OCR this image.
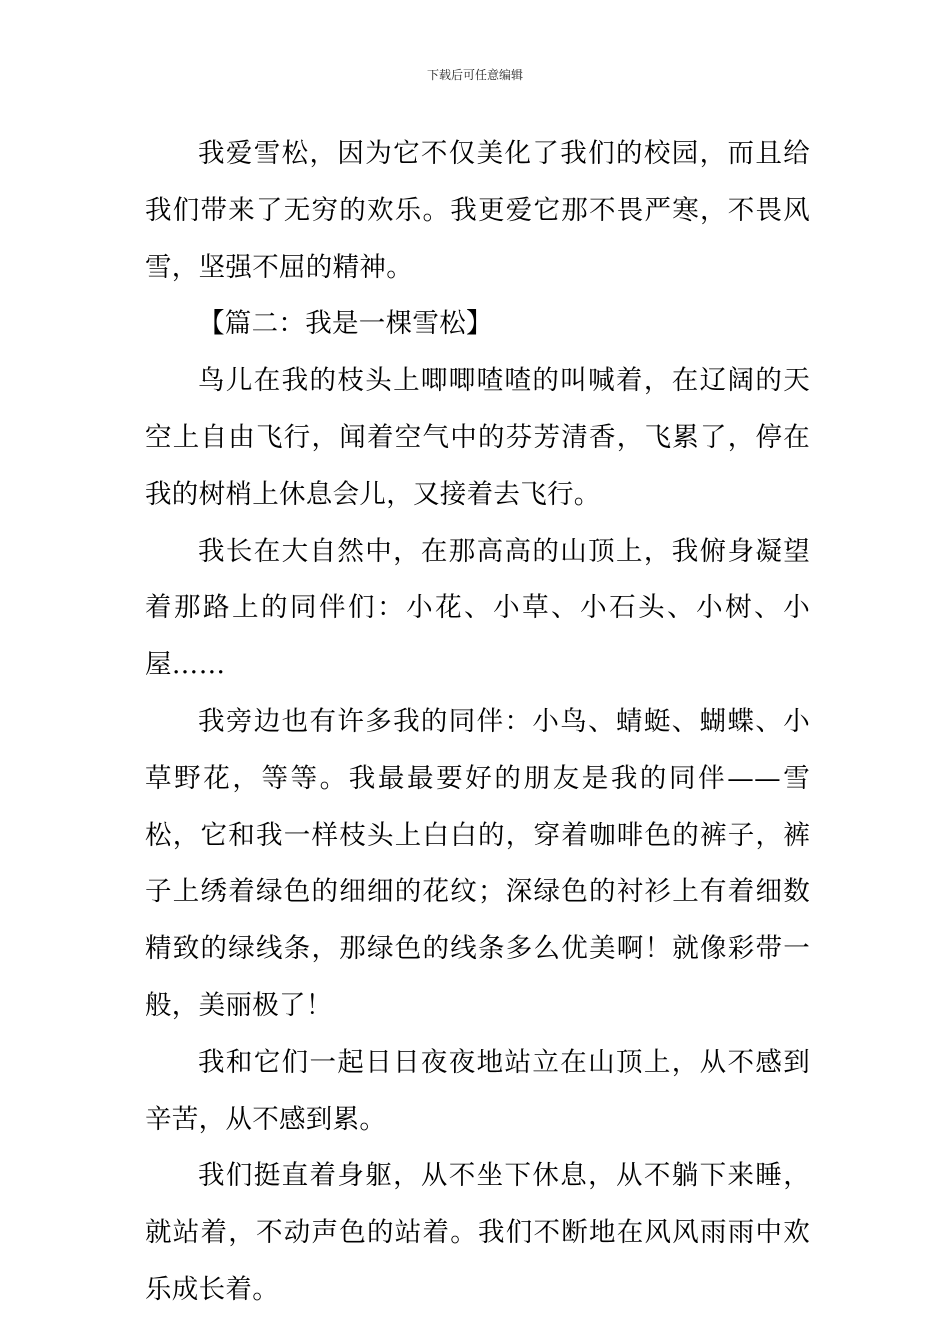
下载后可任意编辑

我爱雪松，因为它不仅美化了我们的校园，而且给我们带来了无穷的欢乐。我更爱它那不畏严寒，不畏风雪，坚强不屈的精神。

【篇二：我是一棵雪松】

鸟儿在我的枝头上唧唧喳喳的叫喊着，在辽阔的天空上自由飞行，闻着空气中的芬芳清香，飞累了，停在我的树梢上休息会儿，又接着去飞行。

我长在大自然中，在那高高的山顶上，我俯身凝望着那路上的同伴们：小花、小草、小石头、小树、小屋……

我旁边也有许多我的同伴：小鸟、蜻蜓、蝴蝶、小草野花，等等。我最最要好的朋友是我的同伴——雪松，它和我一样枝头上白白的，穿着咖啡色的裤子，裤子上绣着绿色的细细的花纹；深绿色的衬衫上有着细数精致的绿线条，那绿色的线条多么优美啊！就像彩带一般，美丽极了！

我和它们一起日日夜夜地站立在山顶上，从不感到辛苦，从不感到累。

我们挺直着身躯，从不坐下休息，从不躺下来睡，就站着，不动声色的站着。我们不断地在风风雨雨中欢乐成长着。
